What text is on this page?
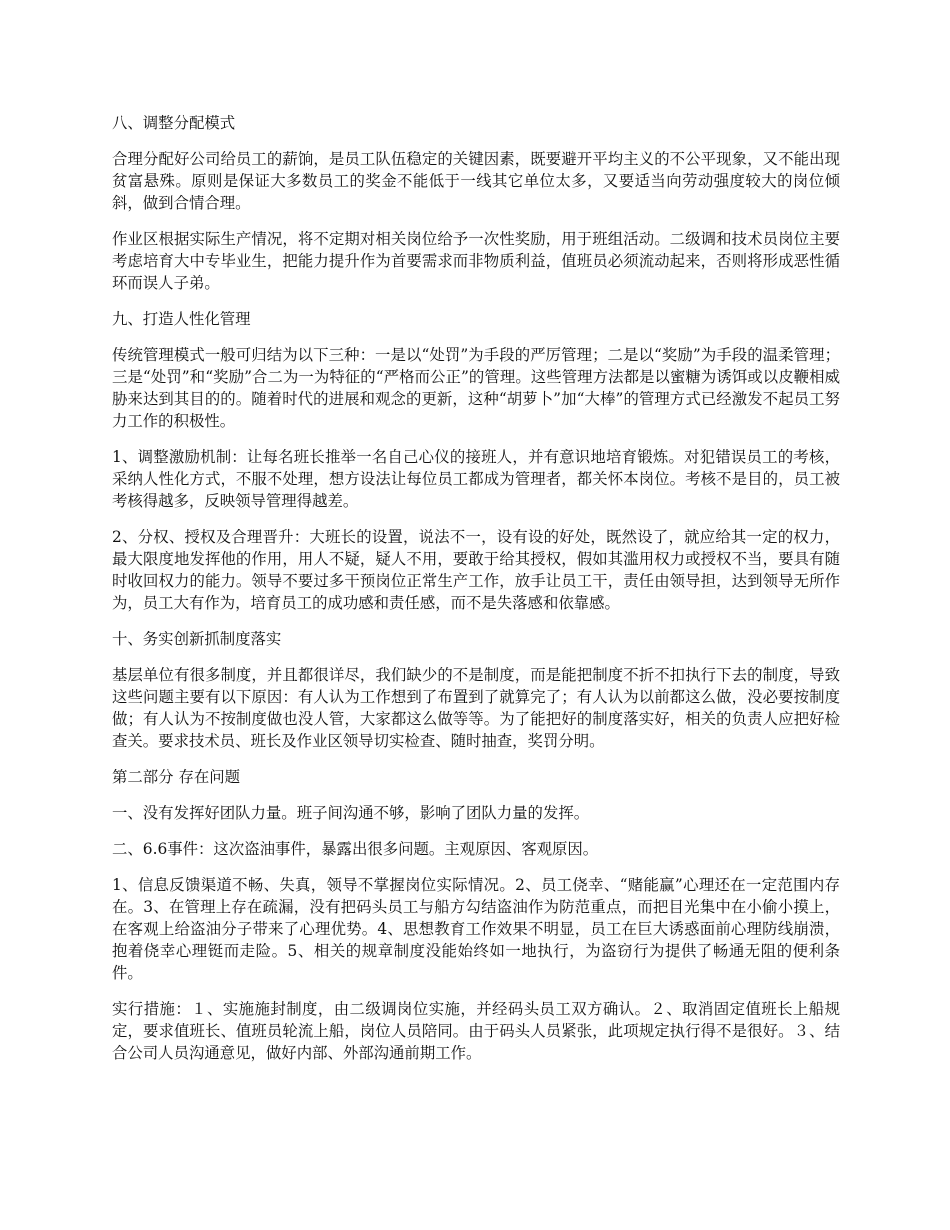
八、调整分配模式
合理分配好公司给员工的薪饷，是员工队伍稳定的关键因素，既要避开平均主义的不公平现象，又不能出现贫富悬殊。原则是保证大多数员工的奖金不能低于一线其它单位太多，又要适当向劳动强度较大的岗位倾斜，做到合情合理。
作业区根据实际生产情况，将不定期对相关岗位给予一次性奖励，用于班组活动。二级调和技术员岗位主要考虑培育大中专毕业生，把能力提升作为首要需求而非物质利益，值班员必须流动起来，否则将形成恶性循环而误人子弟。
九、打造人性化管理
传统管理模式一般可归结为以下三种：一是以“处罚”为手段的严厉管理；二是以“奖励”为手段的温柔管理；三是“处罚”和“奖励”合二为一为特征的“严格而公正”的管理。这些管理方法都是以蜜糖为诱饵或以皮鞭相威胁来达到其目的的。随着时代的进展和观念的更新，这种“胡萝卜”加“大棒”的管理方式已经激发不起员工努力工作的积极性。
1、调整激励机制：让每名班长推举一名自己心仪的接班人，并有意识地培育锻炼。对犯错误员工的考核，采纳人性化方式，不服不处理，想方设法让每位员工都成为管理者，都关怀本岗位。考核不是目的，员工被考核得越多，反映领导管理得越差。
2、分权、授权及合理晋升：大班长的设置，说法不一，设有设的好处，既然设了，就应给其一定的权力，最大限度地发挥他的作用，用人不疑，疑人不用，要敢于给其授权，假如其滥用权力或授权不当，要具有随时收回权力的能力。领导不要过多干预岗位正常生产工作，放手让员工干，责任由领导担，达到领导无所作为，员工大有作为，培育员工的成功感和责任感，而不是失落感和依靠感。
十、务实创新抓制度落实
基层单位有很多制度，并且都很详尽，我们缺少的不是制度，而是能把制度不折不扣执行下去的制度，导致这些问题主要有以下原因：有人认为工作想到了布置到了就算完了；有人认为以前都这么做，没必要按制度做；有人认为不按制度做也没人管，大家都这么做等等。为了能把好的制度落实好，相关的负责人应把好检查关。要求技术员、班长及作业区领导切实检查、随时抽查，奖罚分明。
第二部分 存在问题
一、没有发挥好团队力量。班子间沟通不够，影响了团队力量的发挥。
二、6.6事件：这次盗油事件，暴露出很多问题。主观原因、客观原因。
1、信息反馈渠道不畅、失真，领导不掌握岗位实际情况。2、员工侥幸、“赌能赢”心理还在一定范围内存在。3、在管理上存在疏漏，没有把码头员工与船方勾结盗油作为防范重点，而把目光集中在小偷小摸上，在客观上给盗油分子带来了心理优势。4、思想教育工作效果不明显，员工在巨大诱惑面前心理防线崩溃，抱着侥幸心理铤而走险。5、相关的规章制度没能始终如一地执行，为盗窃行为提供了畅通无阻的便利条件。
实行措施：１、实施施封制度，由二级调岗位实施，并经码头员工双方确认。２、取消固定值班长上船规定，要求值班长、值班员轮流上船，岗位人员陪同。由于码头人员紧张，此项规定执行得不是很好。３、结合公司人员沟通意见，做好内部、外部沟通前期工作。
